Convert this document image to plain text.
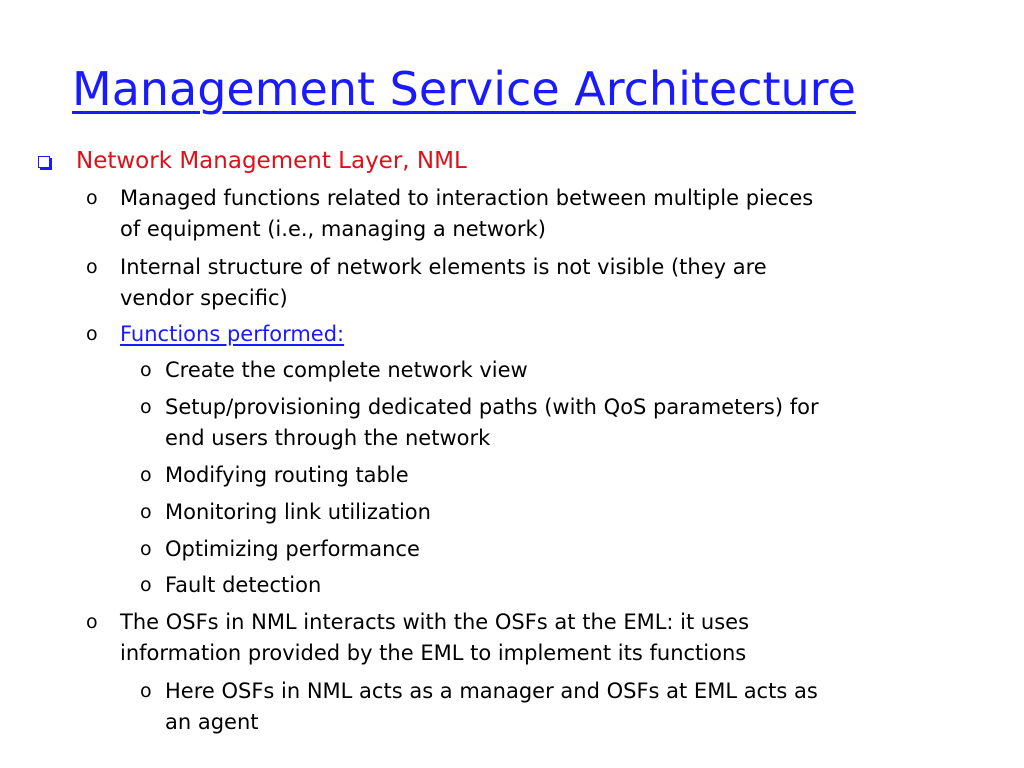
Management Service Architecture
Network Management Layer, NML
o Managed functions related to interaction between multiple pieces
of equipment (i.e., managing a network)
o Internal structure of network elements is not visible (they are
vendor specific)
o Functions performed:
o Create the complete network view
o Setup/provisioning dedicated paths (with QoS parameters) for
end users through the network
o Modifying routing table
o Monitoring link utilization
o Optimizing performance
o Fault detection
o The OSFs in NML interacts with the OSFs at the EML: it uses
information provided by the EML to implement its functions
o Here OSFs in NML acts as a manager and OSFs at EML acts as
an agent
